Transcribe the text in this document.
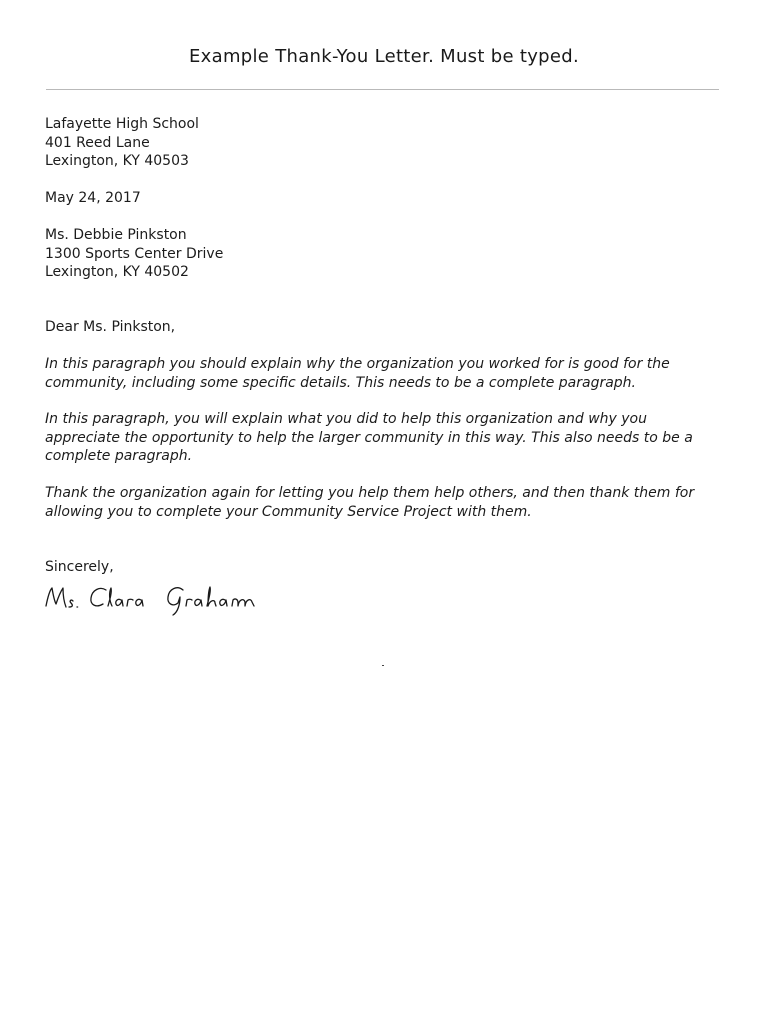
Example Thank-You Letter. Must be typed.
Lafayette High School
401 Reed Lane
Lexington, KY 40503
May 24, 2017
Ms. Debbie Pinkston
1300 Sports Center Drive
Lexington, KY 40502
Dear Ms. Pinkston,
In this paragraph you should explain why the organization you worked for is good for the community, including some specific details. This needs to be a complete paragraph.
In this paragraph, you will explain what you did to help this organization and why you appreciate the opportunity to help the larger community in this way. This also needs to be a complete paragraph.
Thank the organization again for letting you help them help others, and then thank them for allowing you to complete your Community Service Project with them.
Sincerely,
